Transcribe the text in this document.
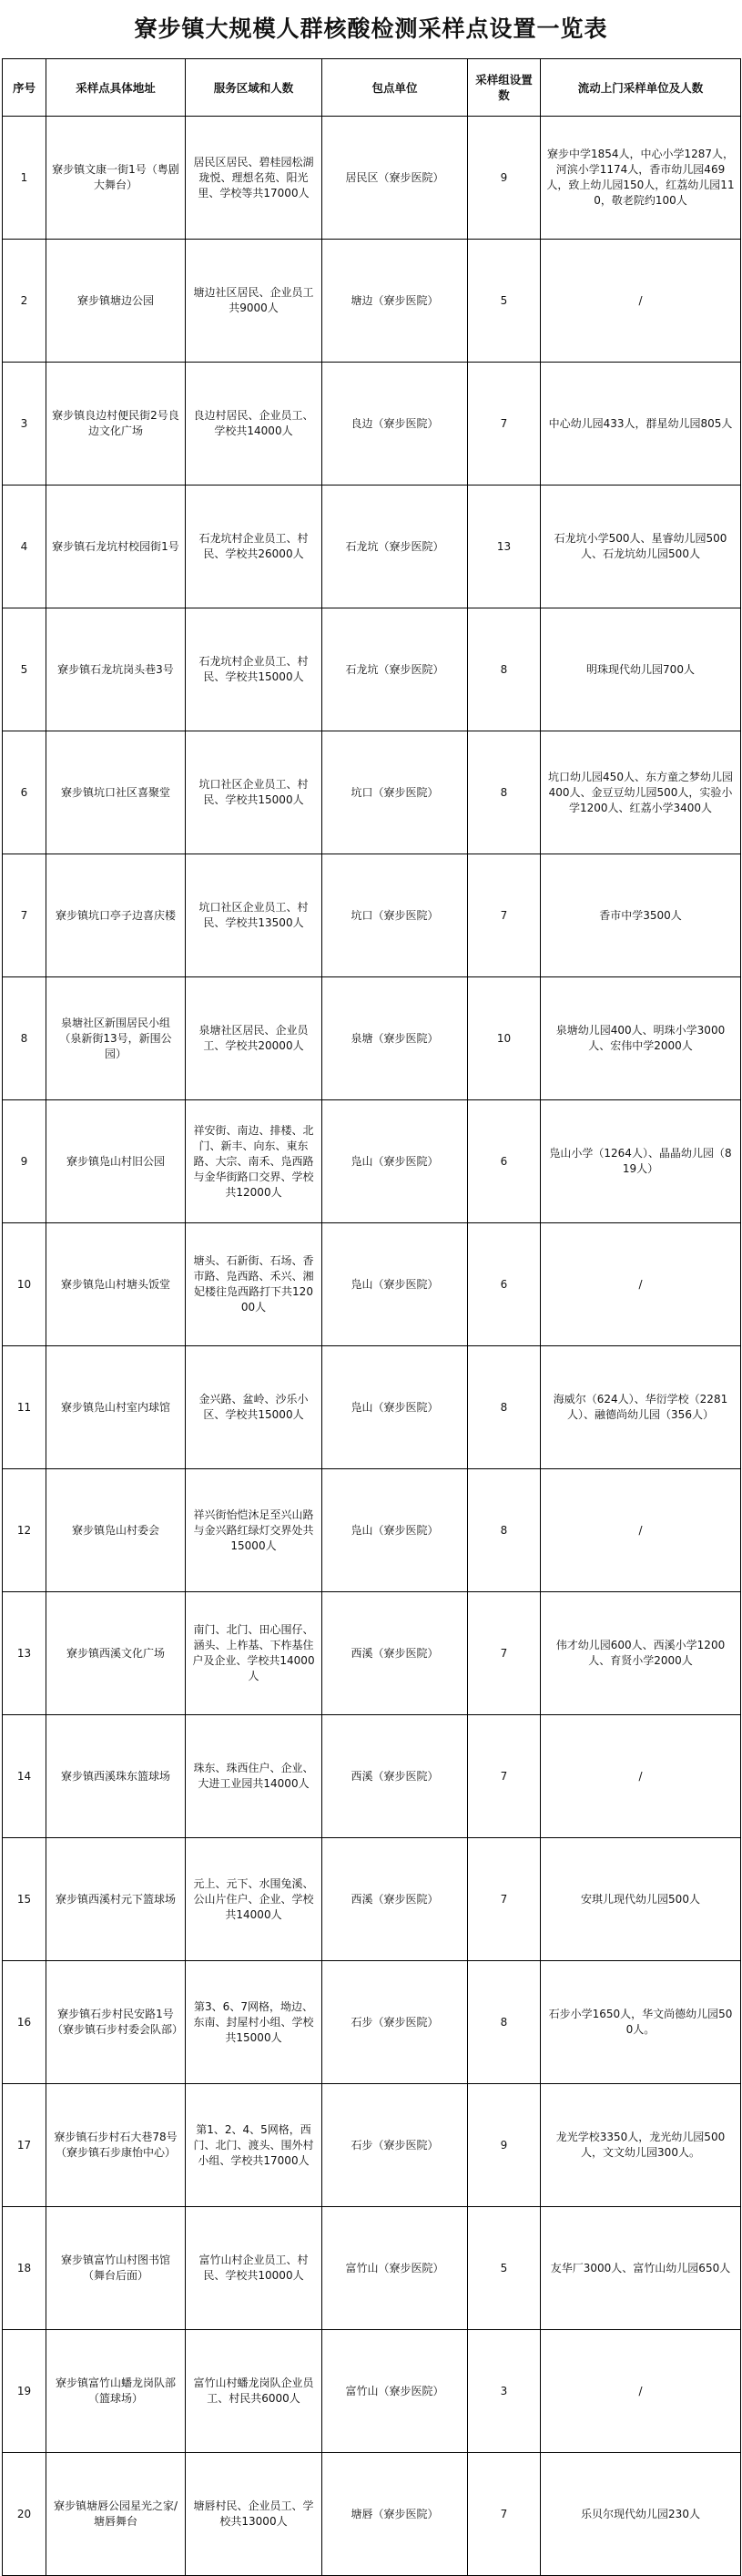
寮步镇大规模人群核酸检测采样点设置一览表
序号	采样点具体地址	服务区域和人数	包点单位	采样组设置数	流动上门采样单位及人数
1	寮步镇文康一街1号（粤剧大舞台）	居民区居民、碧桂园松湖珑悦、理想名苑、阳光里、学校等共17000人	居民区（寮步医院）	9	寮步中学1854人，中心小学1287人，河滨小学1174人，香市幼儿园469人，致上幼儿园150人，红荔幼儿园110，敬老院约100人
2	寮步镇塘边公园	塘边社区居民、企业员工共9000人	塘边（寮步医院）	5	/
3	寮步镇良边村便民街2号良边文化广场	良边村居民、企业员工、学校共14000人	良边（寮步医院）	7	中心幼儿园433人，群星幼儿园805人
4	寮步镇石龙坑村校园街1号	石龙坑村企业员工、村民、学校共26000人	石龙坑（寮步医院）	13	石龙坑小学500人、星睿幼儿园500人、石龙坑幼儿园500人
5	寮步镇石龙坑岗头巷3号	石龙坑村企业员工、村民、学校共15000人	石龙坑（寮步医院）	8	明珠现代幼儿园700人
6	寮步镇坑口社区喜聚堂	坑口社区企业员工、村民、学校共15000人	坑口（寮步医院）	8	坑口幼儿园450人、东方童之梦幼儿园400人、金豆豆幼儿园500人，实验小学1200人、红荔小学3400人
7	寮步镇坑口亭子边喜庆楼	坑口社区企业员工、村民、学校共13500人	坑口（寮步医院）	7	香市中学3500人
8	泉塘社区新围居民小组（泉新街13号，新围公园）	泉塘社区居民、企业员工、学校共20000人	泉塘（寮步医院）	10	泉塘幼儿园400人、明珠小学3000人、宏伟中学2000人
9	寮步镇凫山村旧公园	祥安街、南边、排楼、北门、新丰、向东、東东路、大宗、南禾、凫西路与金华街路口交界、学校共12000人	凫山（寮步医院）	6	凫山小学（1264人）、晶晶幼儿园（819人）
10	寮步镇凫山村塘头饭堂	塘头、石新街、石场、香市路、凫西路、禾兴、湘妃楼往凫西路打下共12000人	凫山（寮步医院）	6	/
11	寮步镇凫山村室内球馆	金兴路、盆岭、沙乐小区、学校共15000人	凫山（寮步医院）	8	海威尔（624人）、华衍学校（2281人）、融德尚幼儿园（356人）
12	寮步镇凫山村委会	祥兴街怡恺沐足至兴山路与金兴路红绿灯交界处共15000人	凫山（寮步医院）	8	/
13	寮步镇西溪文化广场	南门、北门、田心围仔、涵头、上柞基、下柞基住户及企业、学校共14000人	西溪（寮步医院）	7	伟才幼儿园600人、西溪小学1200人、育贤小学2000人
14	寮步镇西溪珠东篮球场	珠东、珠西住户、企业、大进工业园共14000人	西溪（寮步医院）	7	/
15	寮步镇西溪村元下篮球场	元上、元下、水围兔溪、公山片住户、企业、学校共14000人	西溪（寮步医院）	7	安琪儿现代幼儿园500人
16	寮步镇石步村民安路1号（寮步镇石步村委会队部）	第3、6、7网格，坳边、东南、封屋村小组、学校共15000人	石步（寮步医院）	8	石步小学1650人，华文尚德幼儿园500人。
17	寮步镇石步村石大巷78号（寮步镇石步康怡中心）	第1、2、4、5网格，西门、北门、渡头、围外村小组、学校共17000人	石步（寮步医院）	9	龙光学校3350人，龙光幼儿园500人，文文幼儿园300人。
18	寮步镇富竹山村图书馆（舞台后面）	富竹山村企业员工、村民、学校共10000人	富竹山（寮步医院）	5	友华厂3000人、富竹山幼儿园650人
19	寮步镇富竹山蟠龙岗队部（篮球场）	富竹山村蟠龙岗队企业员工、村民共6000人	富竹山（寮步医院）	3	/
20	寮步镇塘唇公园星光之家/塘唇舞台	塘唇村民、企业员工、学校共13000人	塘唇（寮步医院）	7	乐贝尔现代幼儿园230人
